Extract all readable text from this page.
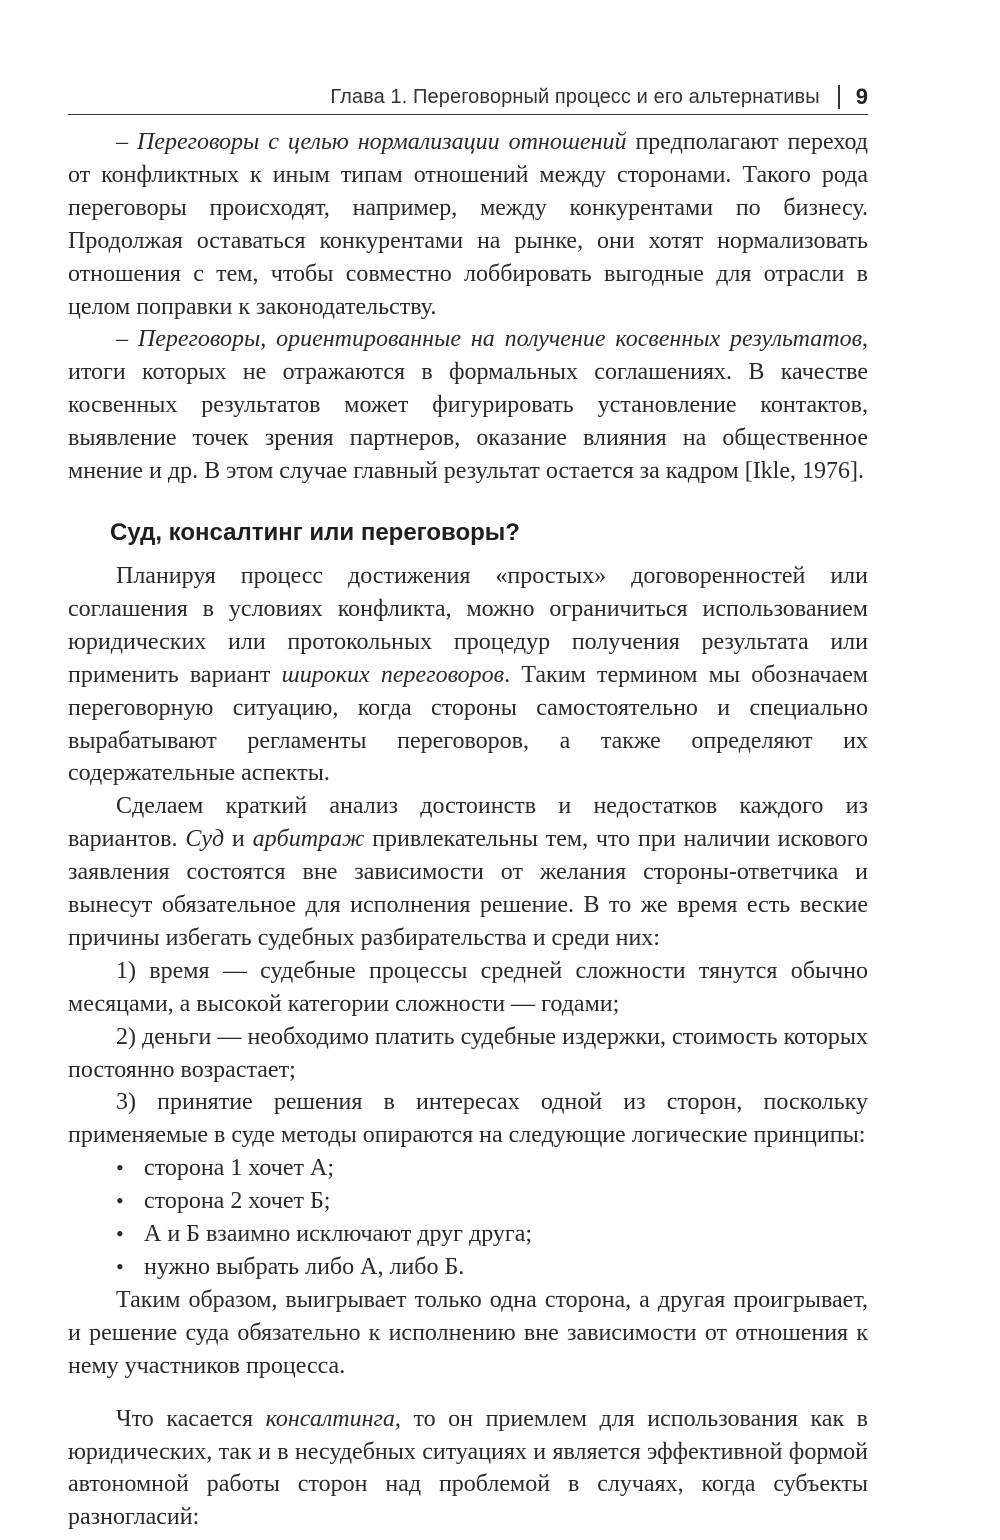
Глава 1. Переговорный процесс и его альтернативы 9

– Переговоры с целью нормализации отношений предполагают переход от конфликтных к иным типам отношений между сторонами. Такого рода переговоры происходят, например, между конкурентами по бизнесу. Продолжая оставаться конкурентами на рынке, они хотят нормализовать отношения с тем, чтобы совместно лоббировать выгодные для отрасли в целом поправки к законодательству.

– Переговоры, ориентированные на получение косвенных результатов, итоги которых не отражаются в формальных соглашениях. В качестве косвенных результатов может фигурировать установление контактов, выявление точек зрения партнеров, оказание влияния на общественное мнение и др. В этом случае главный результат остается за кадром [Ikle, 1976].

Суд, консалтинг или переговоры?

Планируя процесс достижения «простых» договоренностей или соглашения в условиях конфликта, можно ограничиться использованием юридических или протокольных процедур получения результата или применить вариант широких переговоров. Таким термином мы обозначаем переговорную ситуацию, когда стороны самостоятельно и специально вырабатывают регламенты переговоров, а также определяют их содержательные аспекты.

Сделаем краткий анализ достоинств и недостатков каждого из вариантов. Суд и арбитраж привлекательны тем, что при наличии искового заявления состоятся вне зависимости от желания стороны-ответчика и вынесут обязательное для исполнения решение. В то же время есть веские причины избегать судебных разбирательства и среди них:

1) время — судебные процессы средней сложности тянутся обычно месяцами, а высокой категории сложности — годами;

2) деньги — необходимо платить судебные издержки, стоимость которых постоянно возрастает;

3) принятие решения в интересах одной из сторон, поскольку применяемые в суде методы опираются на следующие логические принципы:

• сторона 1 хочет А;
• сторона 2 хочет Б;
• А и Б взаимно исключают друг друга;
• нужно выбрать либо А, либо Б.

Таким образом, выигрывает только одна сторона, а другая проигрывает, и решение суда обязательно к исполнению вне зависимости от отношения к нему участников процесса.

Что касается консалтинга, то он приемлем для использования как в юридических, так и в несудебных ситуациях и является эффективной формой автономной работы сторон над проблемой в случаях, когда субъекты разногласий:
